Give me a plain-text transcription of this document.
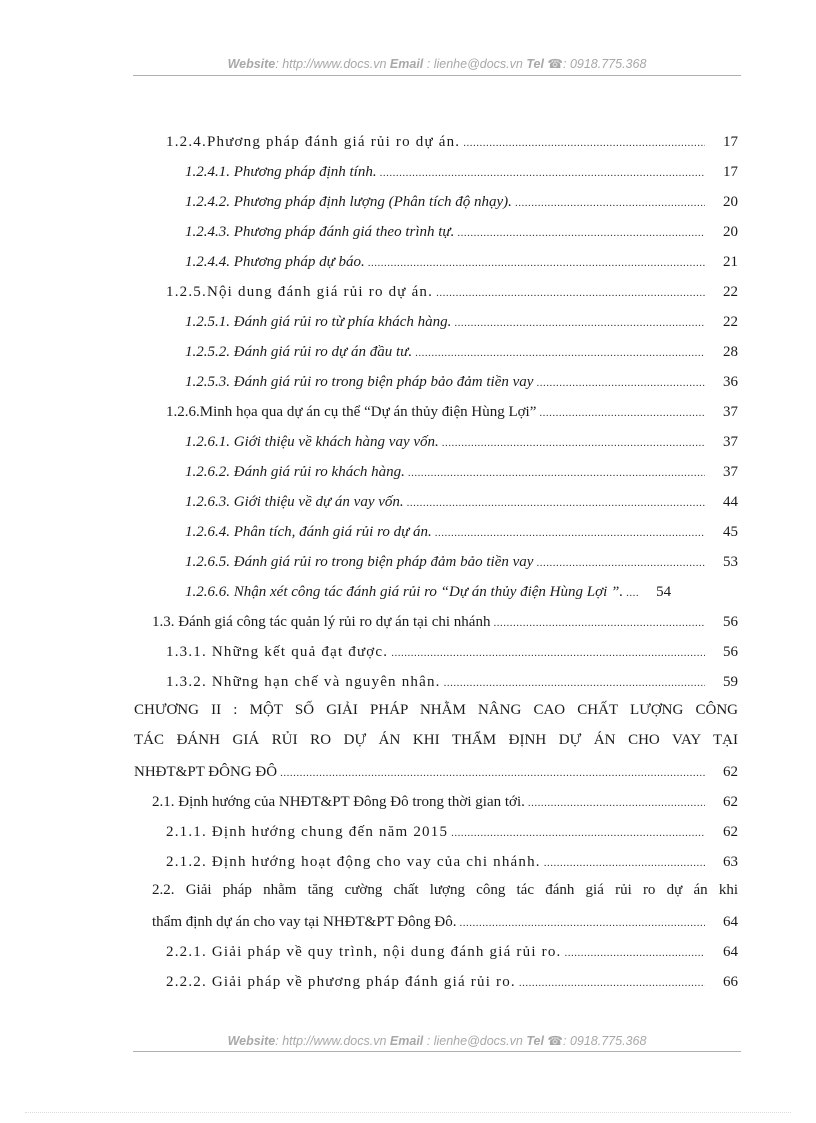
Website: http://www.docs.vn Email : lienhe@docs.vn Tel ☎: 0918.775.368
1.2.4.Phương pháp đánh giá rủi ro dự án. .....	17
1.2.4.1. Phương pháp định tính. .....	17
1.2.4.2. Phương pháp định lượng (Phân tích độ nhạy). .....	20
1.2.4.3. Phương pháp đánh giá theo trình tự. .....	20
1.2.4.4. Phương pháp dự báo. .....	21
1.2.5.Nội dung đánh giá rủi ro dự án. .....	22
1.2.5.1. Đánh giá rủi ro từ phía khách hàng. .....	22
1.2.5.2. Đánh giá rủi ro dự án đầu tư. .....	28
1.2.5.3. Đánh giá rủi ro trong biện pháp bảo đảm tiền vay .....	36
1.2.6.Minh họa qua dự án cụ thể “Dự án thủy điện Hùng Lợi” .....	37
1.2.6.1. Giới thiệu về khách hàng vay vốn. .....	37
1.2.6.2. Đánh giá rủi ro khách hàng. .....	37
1.2.6.3. Giới thiệu về dự án vay vốn. .....	44
1.2.6.4. Phân tích, đánh giá rủi ro dự án. .....	45
1.2.6.5. Đánh giá rủi ro trong biện pháp đảm bảo tiền vay .....	53
1.2.6.6. Nhận xét công tác đánh giá rủi ro “Dự án thủy điện Hùng Lợi ”. .....	54
1.3. Đánh giá công tác quản lý rủi ro dự án tại chi nhánh .....	56
1.3.1. Những kết quả đạt được. .....	56
1.3.2. Những hạn chế và nguyên nhân. .....	59
CHƯƠNG II : MỘT SỐ GIẢI PHÁP NHẰM NÂNG CAO CHẤT LƯỢNG CÔNG
TÁC ĐÁNH GIÁ RỦI RO DỰ ÁN KHI THẨM ĐỊNH DỰ ÁN CHO VAY TẠI
NHĐT&PT ĐÔNG ĐÔ .....	62
2.1. Định hướng của NHĐT&PT Đông Đô trong thời gian tới. .....	62
2.1.1. Định hướng chung đến năm 2015 .....	62
2.1.2. Định hướng hoạt động cho vay của chi nhánh. .....	63
2.2. Giải pháp nhằm tăng cường chất lượng công tác đánh giá rủi ro dự án khi
thẩm định dự án cho vay tại NHĐT&PT Đông Đô. .....	64
2.2.1. Giải pháp về quy trình, nội dung đánh giá rủi ro. .....	64
2.2.2. Giải pháp về phương pháp đánh giá rủi ro. .....	66
Website: http://www.docs.vn Email : lienhe@docs.vn Tel ☎: 0918.775.368
